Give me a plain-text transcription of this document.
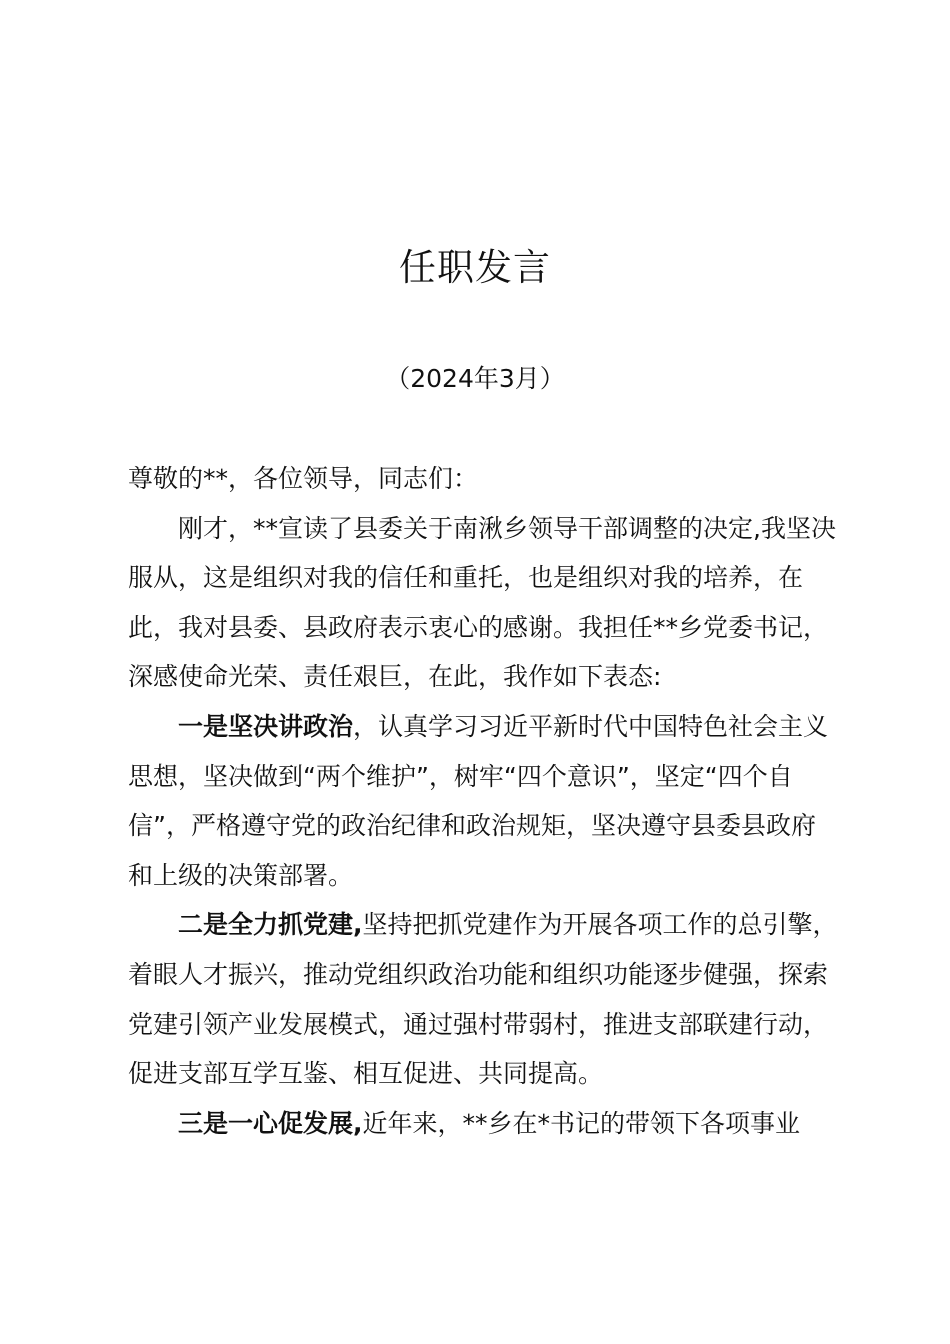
任职发言
（2024年3月）

尊敬的**，各位领导，同志们：

刚才，**宣读了县委关于南湫乡领导干部调整的决定,我坚决服从，这是组织对我的信任和重托，也是组织对我的培养，在此，我对县委、县政府表示衷心的感谢。我担任**乡党委书记，深感使命光荣、责任艰巨，在此，我作如下表态:

一是坚决讲政治，认真学习习近平新时代中国特色社会主义思想，坚决做到“两个维护”，树牢“四个意识”，坚定“四个自信”，严格遵守党的政治纪律和政治规矩，坚决遵守县委县政府和上级的决策部署。

二是全力抓党建,坚持把抓党建作为开展各项工作的总引擎，着眼人才振兴，推动党组织政治功能和组织功能逐步健强，探索党建引领产业发展模式，通过强村带弱村，推进支部联建行动，促进支部互学互鉴、相互促进、共同提高。

三是一心促发展,近年来，**乡在*书记的带领下各项事业
